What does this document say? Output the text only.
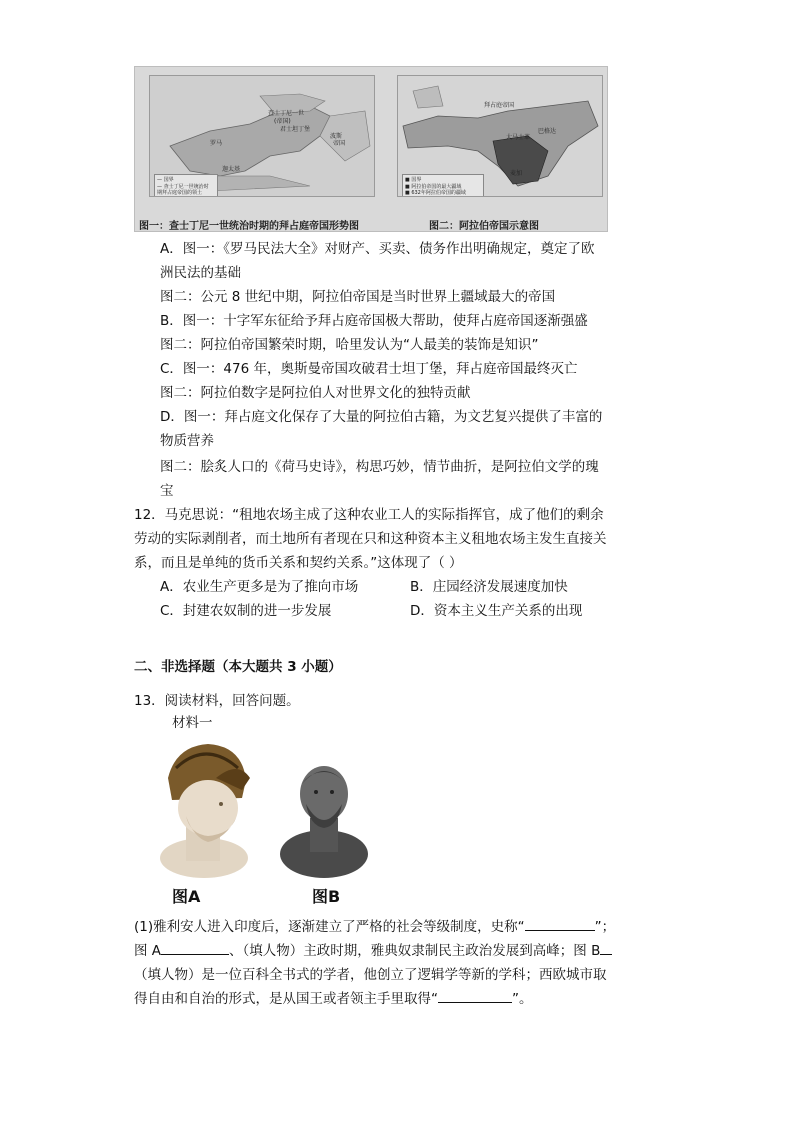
查士丁尼一世
(帝国)
君士坦丁堡
波斯
帝国
罗马
迦太基
— 国界
— 查士丁尼一世统治时
期拜占庭帝国的领土
拜占庭帝国
大马士革
巴格达
麦加
■ 国界
■ 阿拉伯帝国的最大疆域
■ 632年阿拉伯帝国的疆域
图一：查士丁尼一世统治时期的拜占庭帝国形势图	图二：阿拉伯帝国示意图
A．图一：《罗马民法大全》对财产、买卖、债务作出明确规定，奠定了欧
洲民法的基础
图二：公元 8 世纪中期，阿拉伯帝国是当时世界上疆域最大的帝国
B．图一：十字军东征给予拜占庭帝国极大帮助，使拜占庭帝国逐渐强盛
图二：阿拉伯帝国繁荣时期，哈里发认为“人最美的装饰是知识”
C．图一：476 年，奥斯曼帝国攻破君士坦丁堡，拜占庭帝国最终灭亡
图二：阿拉伯数字是阿拉伯人对世界文化的独特贡献
D．图一：拜占庭文化保存了大量的阿拉伯古籍，为文艺复兴提供了丰富的
物质营养
图二：脍炙人口的《荷马史诗》，构思巧妙，情节曲折，是阿拉伯文学的瑰
宝
12．马克思说：“租地农场主成了这种农业工人的实际指挥官，成了他们的剩余
劳动的实际剥削者，而土地所有者现在只和这种资本主义租地农场主发生直接关
系，而且是单纯的货币关系和契约关系。”这体现了（ ）
A．农业生产更多是为了推向市场	B．庄园经济发展速度加快
C．封建农奴制的进一步发展	D．资本主义生产关系的出现
二、非选择题（本大题共 3 小题）
13．阅读材料，回答问题。
材料一
图A	图B
(1)雅利安人进入印度后，逐渐建立了严格的社会等级制度，史称“	”；
图 A	、（填人物）主政时期，雅典奴隶制民主政治发展到高峰；图 B
（填人物）是一位百科全书式的学者，他创立了逻辑学等新的学科；西欧城市取
得自由和自治的形式，是从国王或者领主手里取得“	”。
